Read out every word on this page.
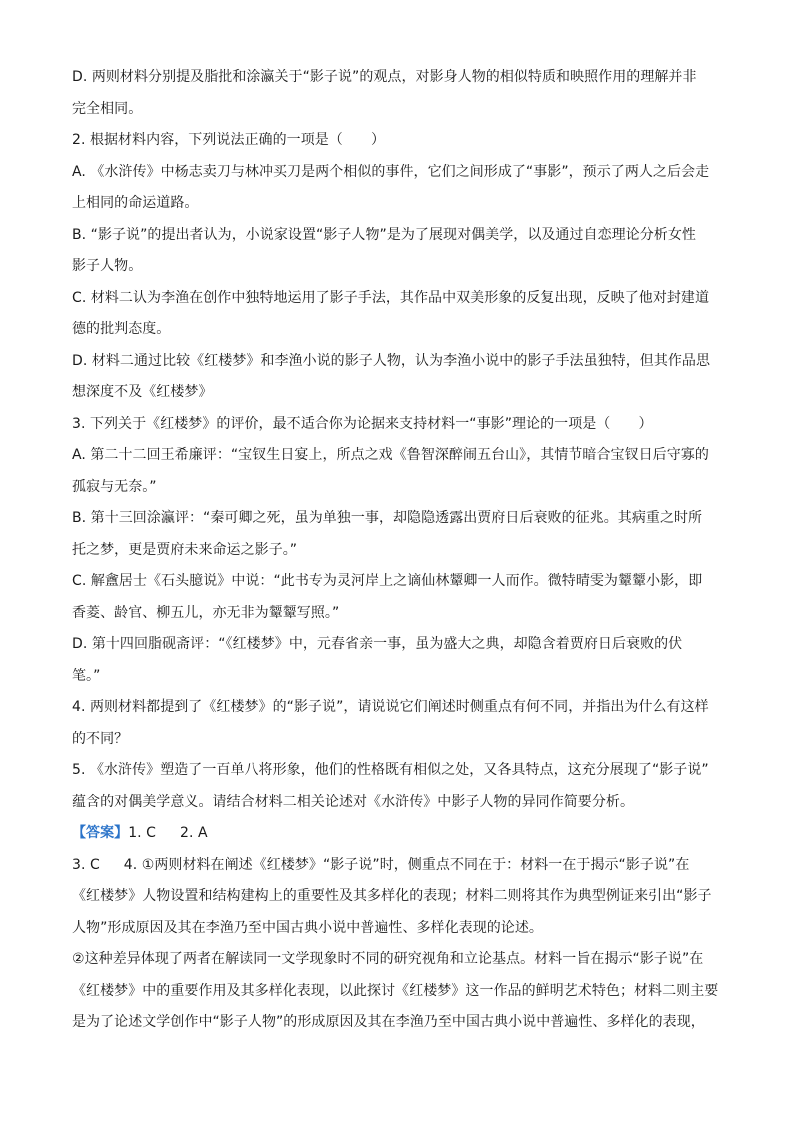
D. 两则材料分别提及脂批和涂瀛关于“影子说”的观点，对影身人物的相似特质和映照作用的理解并非
完全相同。
2. 根据材料内容，下列说法正确的一项是（　　）
A. 《水浒传》中杨志卖刀与林冲买刀是两个相似的事件，它们之间形成了“事影”，预示了两人之后会走
上相同的命运道路。
B. “影子说”的提出者认为，小说家设置“影子人物”是为了展现对偶美学，以及通过自恋理论分析女性
影子人物。
C. 材料二认为李渔在创作中独特地运用了影子手法，其作品中双美形象的反复出现，反映了他对封建道
德的批判态度。
D. 材料二通过比较《红楼梦》和李渔小说的影子人物，认为李渔小说中的影子手法虽独特，但其作品思
想深度不及《红楼梦》
3. 下列关于《红楼梦》的评价，最不适合你为论据来支持材料一“事影”理论的一项是（　　）
A. 第二十二回王希廉评：“宝钗生日宴上，所点之戏《鲁智深醉闹五台山》，其情节暗合宝钗日后守寡的
孤寂与无奈。”
B. 第十三回涂瀛评：“秦可卿之死，虽为单独一事，却隐隐透露出贾府日后衰败的征兆。其病重之时所
托之梦，更是贾府未来命运之影子。”
C. 解盦居士《石头臆说》中说：“此书专为灵河岸上之谪仙林颦卿一人而作。微特晴雯为颦颦小影，即
香菱、龄官、柳五儿，亦无非为颦颦写照。”
D. 第十四回脂砚斋评：“《红楼梦》中，元春省亲一事，虽为盛大之典，却隐含着贾府日后衰败的伏
笔。”
4. 两则材料都提到了《红楼梦》的“影子说”，请说说它们阐述时侧重点有何不同，并指出为什么有这样
的不同？
5. 《水浒传》塑造了一百单八将形象，他们的性格既有相似之处，又各具特点，这充分展现了“影子说”
蕴含的对偶美学意义。请结合材料二相关论述对《水浒传》中影子人物的异同作简要分析。
【答案】1. C 2. A
3. C 4. ①两则材料在阐述《红楼梦》“影子说”时，侧重点不同在于：材料一在于揭示“影子说”在
《红楼梦》人物设置和结构建构上的重要性及其多样化的表现；材料二则将其作为典型例证来引出“影子
人物”形成原因及其在李渔乃至中国古典小说中普遍性、多样化表现的论述。
②这种差异体现了两者在解读同一文学现象时不同的研究视角和立论基点。材料一旨在揭示“影子说”在
《红楼梦》中的重要作用及其多样化表现，以此探讨《红楼梦》这一作品的鲜明艺术特色；材料二则主要
是为了论述文学创作中“影子人物”的形成原因及其在李渔乃至中国古典小说中普遍性、多样化的表现，
